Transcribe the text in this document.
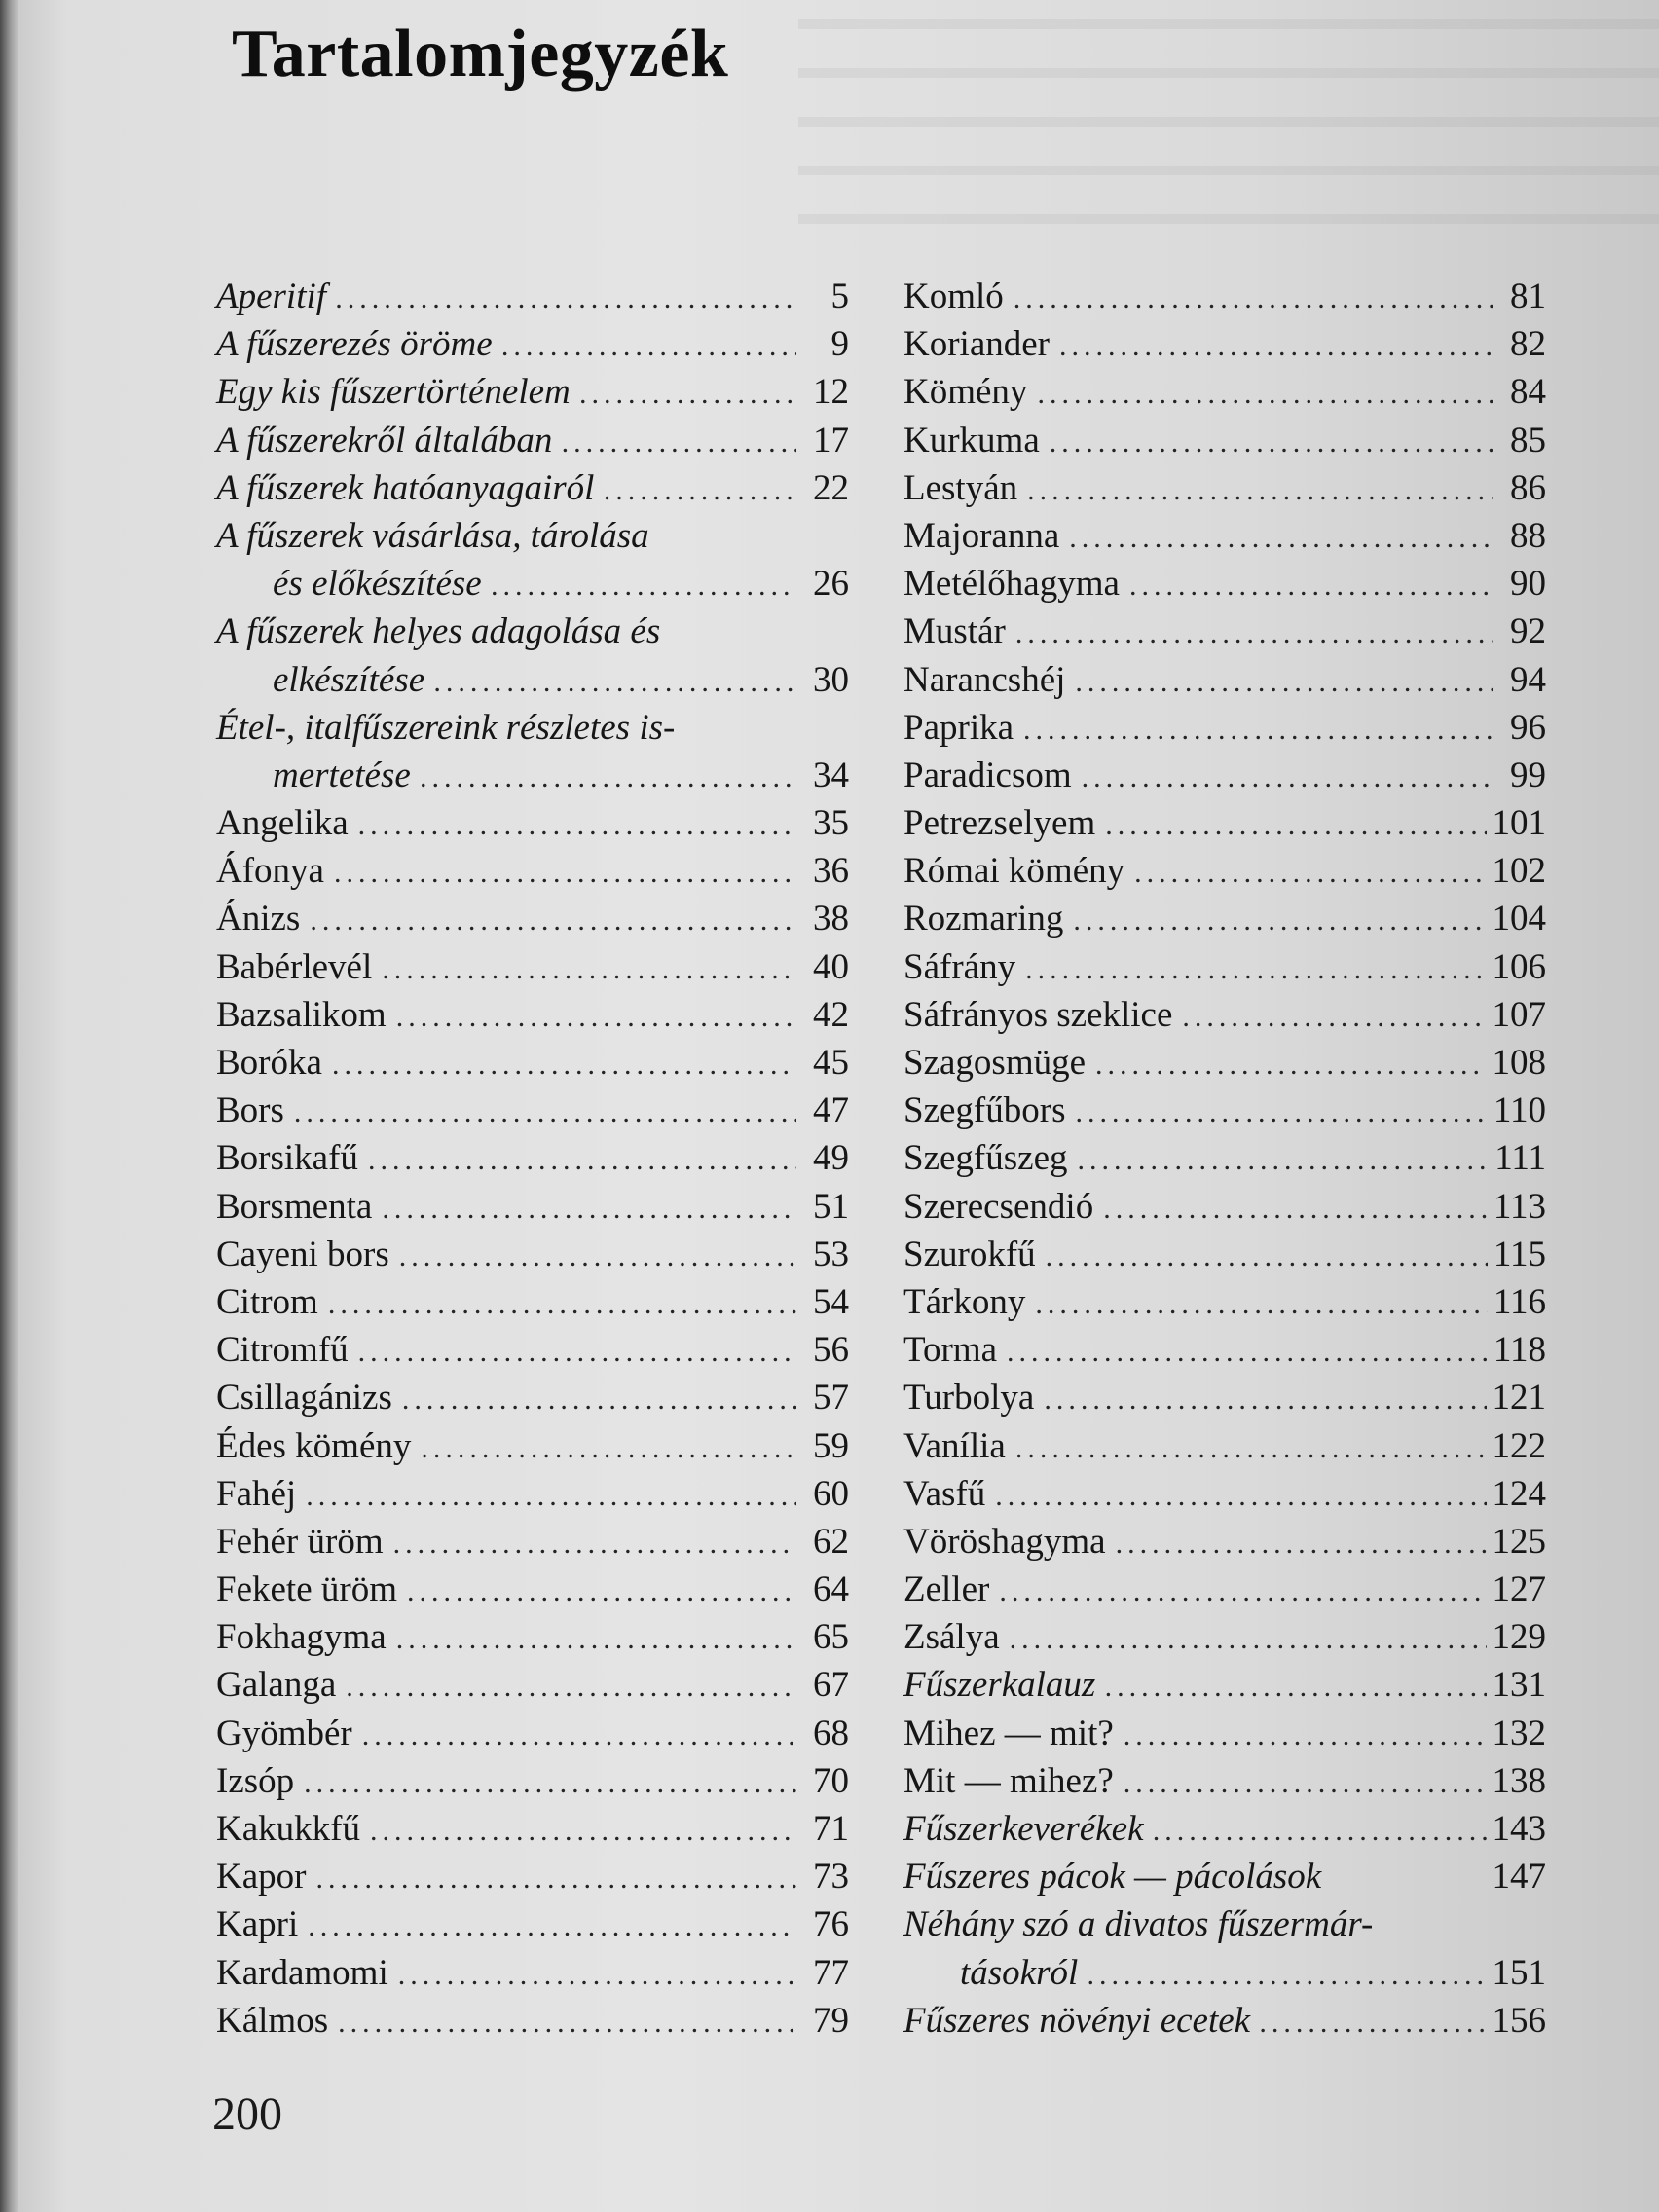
Tartalomjegyzék
Aperitif .....	5
A fűszerezés öröme .....	9
Egy kis fűszertörténelem .....	12
A fűszerekről általában .....	17
A fűszerek hatóanyagairól .....	22
A fűszerek vásárlása, tárolása
és előkészítése .....	26
A fűszerek helyes adagolása és
elkészítése .....	30
Étel-, italfűszereink részletes is-
mertetése .....	34
Angelika .....	35
Áfonya .....	36
Ánizs .....	38
Babérlevél .....	40
Bazsalikom .....	42
Boróka .....	45
Bors .....	47
Borsikafű .....	49
Borsmenta .....	51
Cayeni bors .....	53
Citrom .....	54
Citromfű .....	56
Csillagánizs .....	57
Édes kömény .....	59
Fahéj .....	60
Fehér üröm .....	62
Fekete üröm .....	64
Fokhagyma .....	65
Galanga .....	67
Gyömbér .....	68
Izsóp .....	70
Kakukkfű .....	71
Kapor .....	73
Kapri .....	76
Kardamomi .....	77
Kálmos .....	79
Komló .....	81
Koriander .....	82
Kömény .....	84
Kurkuma .....	85
Lestyán .....	86
Majoranna .....	88
Metélőhagyma .....	90
Mustár .....	92
Narancshéj .....	94
Paprika .....	96
Paradicsom .....	99
Petrezselyem .....	101
Római kömény .....	102
Rozmaring .....	104
Sáfrány .....	106
Sáfrányos szeklice .....	107
Szagosmüge .....	108
Szegfűbors .....	110
Szegfűszeg .....	111
Szerecsendió .....	113
Szurokfű .....	115
Tárkony .....	116
Torma .....	118
Turbolya .....	121
Vanília .....	122
Vasfű .....	124
Vöröshagyma .....	125
Zeller .....	127
Zsálya .....	129
Fűszerkalauz .....	131
Mihez — mit? .....	132
Mit — mihez? .....	138
Fűszerkeverékek .....	143
Fűszeres pácok — pácolások	147
Néhány szó a divatos fűszermár-
tásokról .....	151
Fűszeres növényi ecetek .....	156
200
